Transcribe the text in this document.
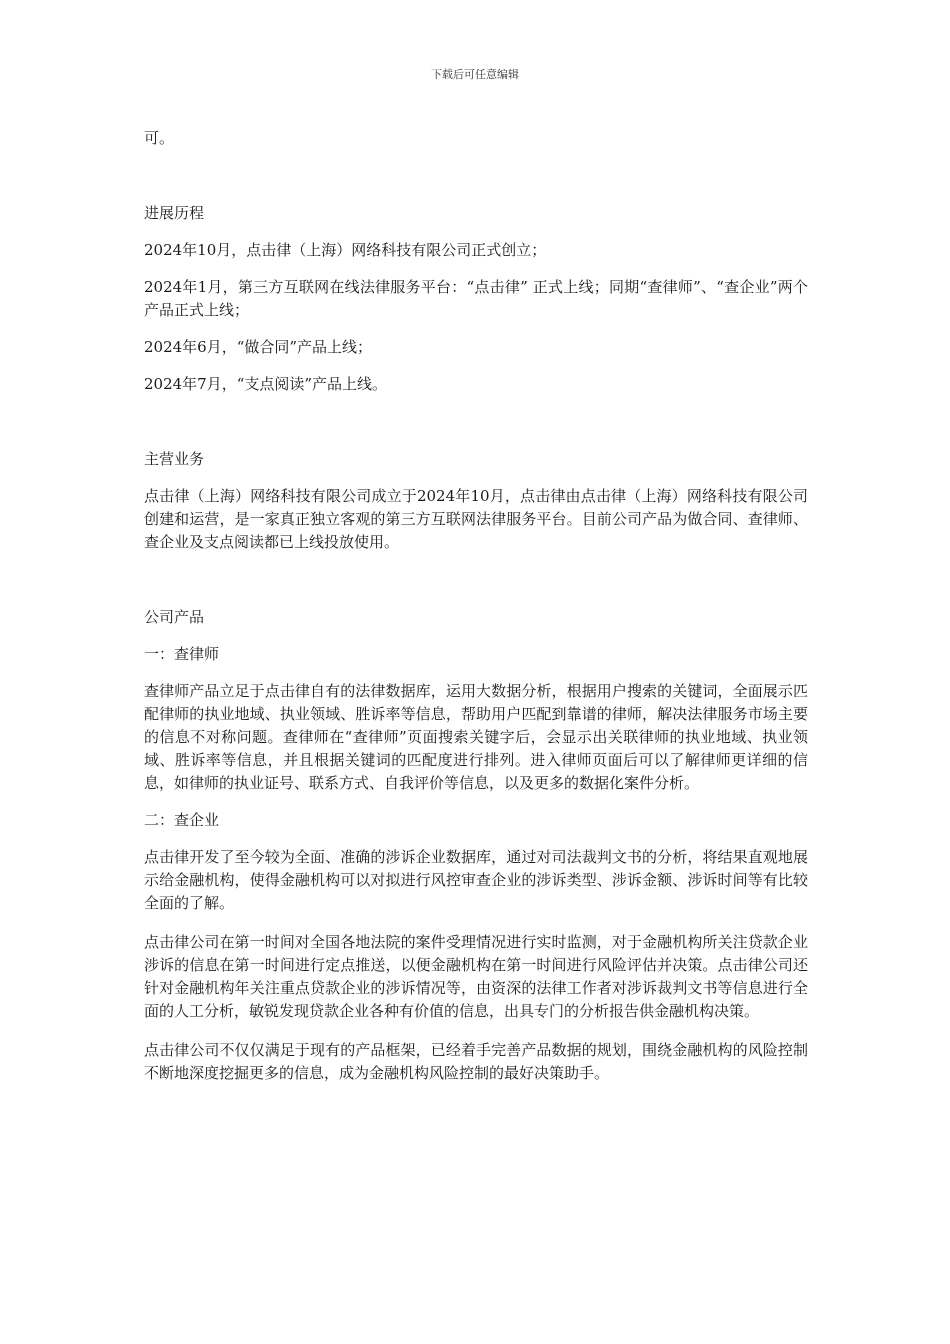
下载后可任意编辑

可。

进展历程

2024年10月，点击律（上海）网络科技有限公司正式创立；

2024年1月，第三方互联网在线法律服务平台：“点击律” 正式上线；同期“查律师”、“查企业”两个产品正式上线；

2024年6月，“做合同”产品上线；

2024年7月，“支点阅读”产品上线。

主营业务

点击律（上海）网络科技有限公司成立于2024年10月，点击律由点击律（上海）网络科技有限公司创建和运营，是一家真正独立客观的第三方互联网法律服务平台。目前公司产品为做合同、查律师、查企业及支点阅读都已上线投放使用。

公司产品

一：查律师

查律师产品立足于点击律自有的法律数据库，运用大数据分析，根据用户搜索的关键词，全面展示匹配律师的执业地域、执业领域、胜诉率等信息，帮助用户匹配到靠谱的律师，解决法律服务市场主要的信息不对称问题。查律师在“查律师”页面搜索关键字后，会显示出关联律师的执业地域、执业领域、胜诉率等信息，并且根据关键词的匹配度进行排列。进入律师页面后可以了解律师更详细的信息，如律师的执业证号、联系方式、自我评价等信息，以及更多的数据化案件分析。

二：查企业

点击律开发了至今较为全面、准确的涉诉企业数据库，通过对司法裁判文书的分析，将结果直观地展示给金融机构，使得金融机构可以对拟进行风控审查企业的涉诉类型、涉诉金额、涉诉时间等有比较全面的了解。

点击律公司在第一时间对全国各地法院的案件受理情况进行实时监测，对于金融机构所关注贷款企业涉诉的信息在第一时间进行定点推送，以便金融机构在第一时间进行风险评估并决策。点击律公司还针对金融机构年关注重点贷款企业的涉诉情况等，由资深的法律工作者对涉诉裁判文书等信息进行全面的人工分析，敏锐发现贷款企业各种有价值的信息，出具专门的分析报告供金融机构决策。

点击律公司不仅仅满足于现有的产品框架，已经着手完善产品数据的规划，围绕金融机构的风险控制不断地深度挖掘更多的信息，成为金融机构风险控制的最好决策助手。
